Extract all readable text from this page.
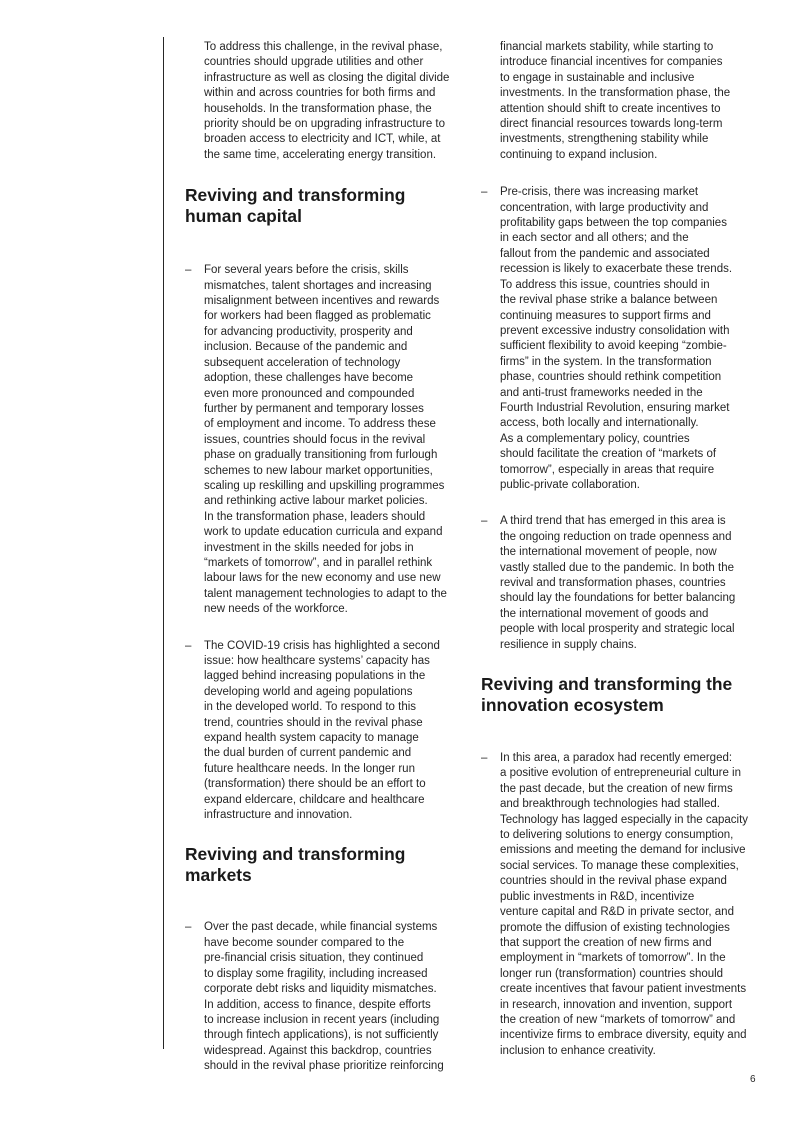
To address this challenge, in the revival phase,
countries should upgrade utilities and other
infrastructure as well as closing the digital divide
within and across countries for both firms and
households. In the transformation phase, the
priority should be on upgrading infrastructure to
broaden access to electricity and ICT, while, at
the same time, accelerating energy transition.

Reviving and transforming
human capital
– For several years before the crisis, skills
mismatches, talent shortages and increasing
misalignment between incentives and rewards
for workers had been flagged as problematic
for advancing productivity, prosperity and
inclusion. Because of the pandemic and
subsequent acceleration of technology
adoption, these challenges have become
even more pronounced and compounded
further by permanent and temporary losses
of employment and income. To address these
issues, countries should focus in the revival
phase on gradually transitioning from furlough
schemes to new labour market opportunities,
scaling up reskilling and upskilling programmes
and rethinking active labour market policies.
In the transformation phase, leaders should
work to update education curricula and expand
investment in the skills needed for jobs in
“markets of tomorrow”, and in parallel rethink
labour laws for the new economy and use new
talent management technologies to adapt to the
new needs of the workforce.
– The COVID-19 crisis has highlighted a second
issue: how healthcare systems’ capacity has
lagged behind increasing populations in the
developing world and ageing populations
in the developed world. To respond to this
trend, countries should in the revival phase
expand health system capacity to manage
the dual burden of current pandemic and
future healthcare needs. In the longer run
(transformation) there should be an effort to
expand eldercare, childcare and healthcare
infrastructure and innovation.
Reviving and transforming
markets
– Over the past decade, while financial systems
have become sounder compared to the
pre-financial crisis situation, they continued
to display some fragility, including increased
corporate debt risks and liquidity mismatches.
In addition, access to finance, despite efforts
to increase inclusion in recent years (including
through fintech applications), is not sufficiently
widespread. Against this backdrop, countries
should in the revival phase prioritize reinforcing

financial markets stability, while starting to
introduce financial incentives for companies
to engage in sustainable and inclusive
investments. In the transformation phase, the
attention should shift to create incentives to
direct financial resources towards long-term
investments, strengthening stability while
continuing to expand inclusion.

– Pre-crisis, there was increasing market
concentration, with large productivity and
profitability gaps between the top companies
in each sector and all others; and the
fallout from the pandemic and associated
recession is likely to exacerbate these trends.
To address this issue, countries should in
the revival phase strike a balance between
continuing measures to support firms and
prevent excessive industry consolidation with
sufficient flexibility to avoid keeping “zombie-
firms” in the system. In the transformation
phase, countries should rethink competition
and anti-trust frameworks needed in the
Fourth Industrial Revolution, ensuring market
access, both locally and internationally.
As a complementary policy, countries
should facilitate the creation of “markets of
tomorrow”, especially in areas that require
public-private collaboration.
– A third trend that has emerged in this area is
the ongoing reduction on trade openness and
the international movement of people, now
vastly stalled due to the pandemic. In both the
revival and transformation phases, countries
should lay the foundations for better balancing
the international movement of goods and
people with local prosperity and strategic local
resilience in supply chains.
Reviving and transforming the
innovation ecosystem
– In this area, a paradox had recently emerged:
a positive evolution of entrepreneurial culture in
the past decade, but the creation of new firms
and breakthrough technologies had stalled.
Technology has lagged especially in the capacity
to delivering solutions to energy consumption,
emissions and meeting the demand for inclusive
social services. To manage these complexities,
countries should in the revival phase expand
public investments in R&D, incentivize
venture capital and R&D in private sector, and
promote the diffusion of existing technologies
that support the creation of new firms and
employment in “markets of tomorrow”. In the
longer run (transformation) countries should
create incentives that favour patient investments
in research, innovation and invention, support
the creation of new “markets of tomorrow” and
incentivize firms to embrace diversity, equity and
inclusion to enhance creativity.
6
